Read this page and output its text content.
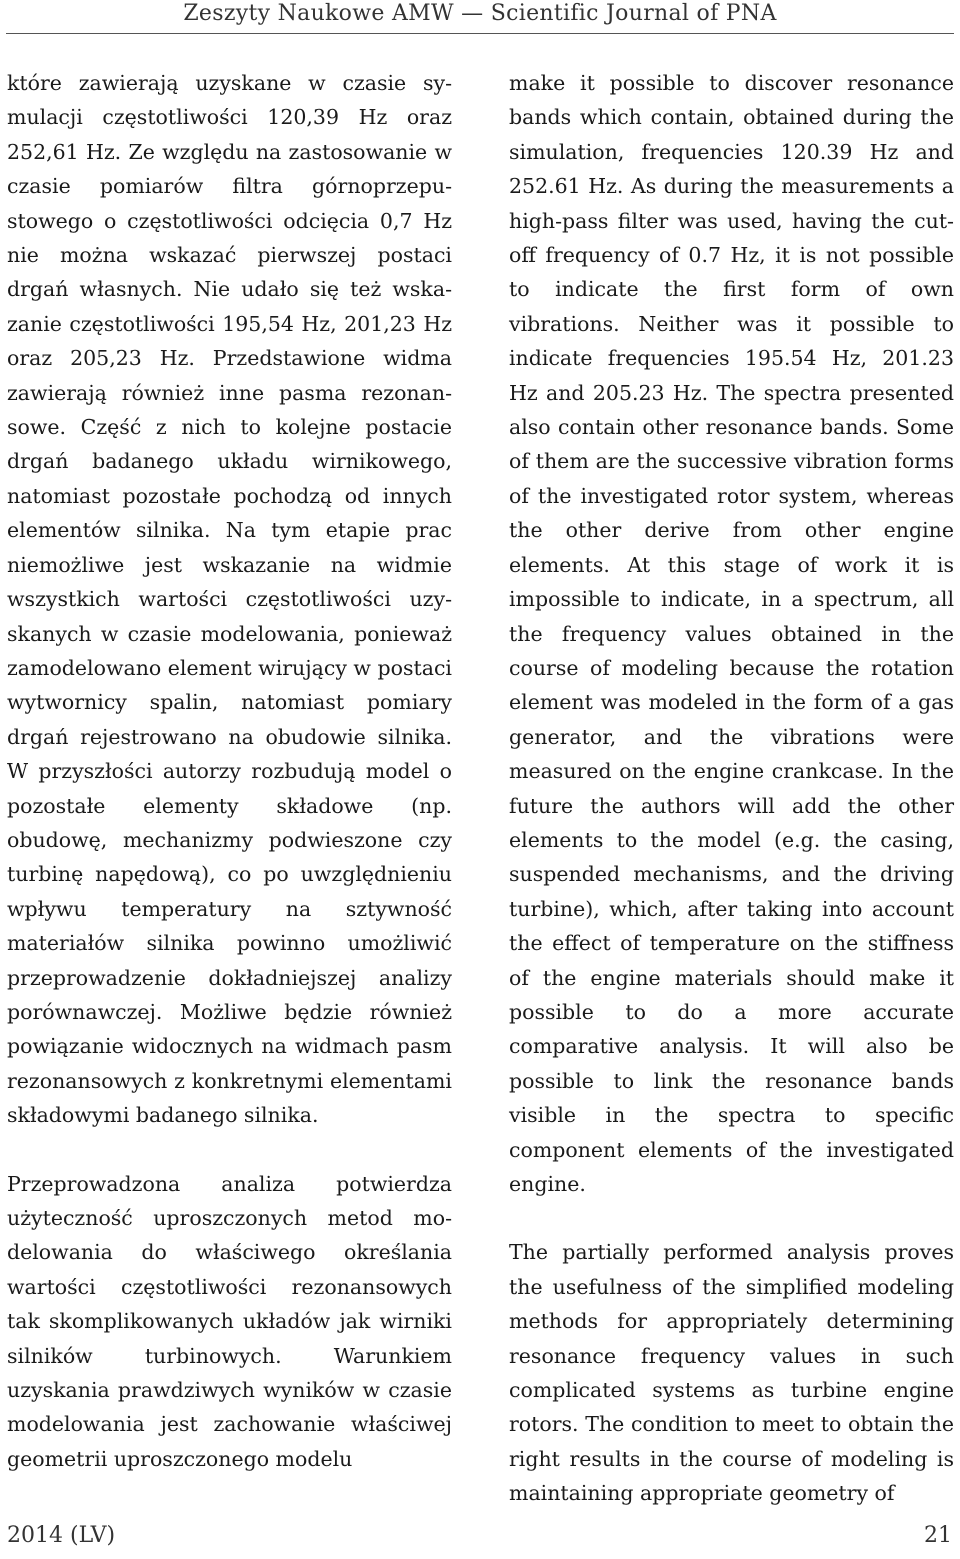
Zeszyty Naukowe AMW — Scientific Journal of PNA

które zawierają uzyskane w czasie symulacji częstotliwości 120,39 Hz oraz 252,61 Hz. Ze względu na zastosowanie w czasie pomiarów filtra górnoprzepustowego o częstotliwości odcięcia 0,7 Hz nie można wskazać pierwszej postaci drgań własnych. Nie udało się też wskazanie częstotliwości 195,54 Hz, 201,23 Hz oraz 205,23 Hz. Przedstawione widma zawierają również inne pasma rezonansowe. Część z nich to kolejne postacie drgań badanego układu wirnikowego, natomiast pozostałe pochodzą od innych elementów silnika. Na tym etapie prac niemożliwe jest wskazanie na widmie wszystkich wartości częstotliwości uzyskanych w czasie modelowania, ponieważ zamodelowano element wirujący w postaci wytwornicy spalin, natomiast pomiary drgań rejestrowano na obudowie silnika. W przyszłości autorzy rozbudują model o pozostałe elementy składowe (np. obudowę, mechanizmy podwieszone czy turbinę napędową), co po uwzględnieniu wpływu temperatury na sztywność materiałów silnika powinno umożliwić przeprowadzenie dokładniejszej analizy porównawczej. Możliwe będzie również powiązanie widocznych na widmach pasm rezonansowych z konkretnymi elementami składowymi badanego silnika.

Przeprowadzona analiza potwierdza użyteczność uproszczonych metod modelowania do właściwego określania wartości częstotliwości rezonansowych tak skomplikowanych układów jak wirniki silników turbinowych. Warunkiem uzyskania prawdziwych wyników w czasie modelowania jest zachowanie właściwej geometrii uproszczonego modelu

make it possible to discover resonance bands which contain, obtained during the simulation, frequencies 120.39 Hz and 252.61 Hz. As during the measurements a high-pass filter was used, having the cut-off frequency of 0.7 Hz, it is not possible to indicate the first form of own vibrations. Neither was it possible to indicate frequencies 195.54 Hz, 201.23 Hz and 205.23 Hz. The spectra presented also contain other resonance bands. Some of them are the successive vibration forms of the investigated rotor system, whereas the other derive from other engine elements. At this stage of work it is impossible to indicate, in a spectrum, all the frequency values obtained in the course of modeling because the rotation element was modeled in the form of a gas generator, and the vibrations were measured on the engine crankcase. In the future the authors will add the other elements to the model (e.g. the casing, suspended mechanisms, and the driving turbine), which, after taking into account the effect of temperature on the stiffness of the engine materials should make it possible to do a more accurate comparative analysis. It will also be possible to link the resonance bands visible in the spectra to specific component elements of the investigated engine.

The partially performed analysis proves the usefulness of the simplified modeling methods for appropriately determining resonance frequency values in such complicated systems as turbine engine rotors. The condition to meet to obtain the right results in the course of modeling is maintaining appropriate geometry of

2014 (LV)	21
